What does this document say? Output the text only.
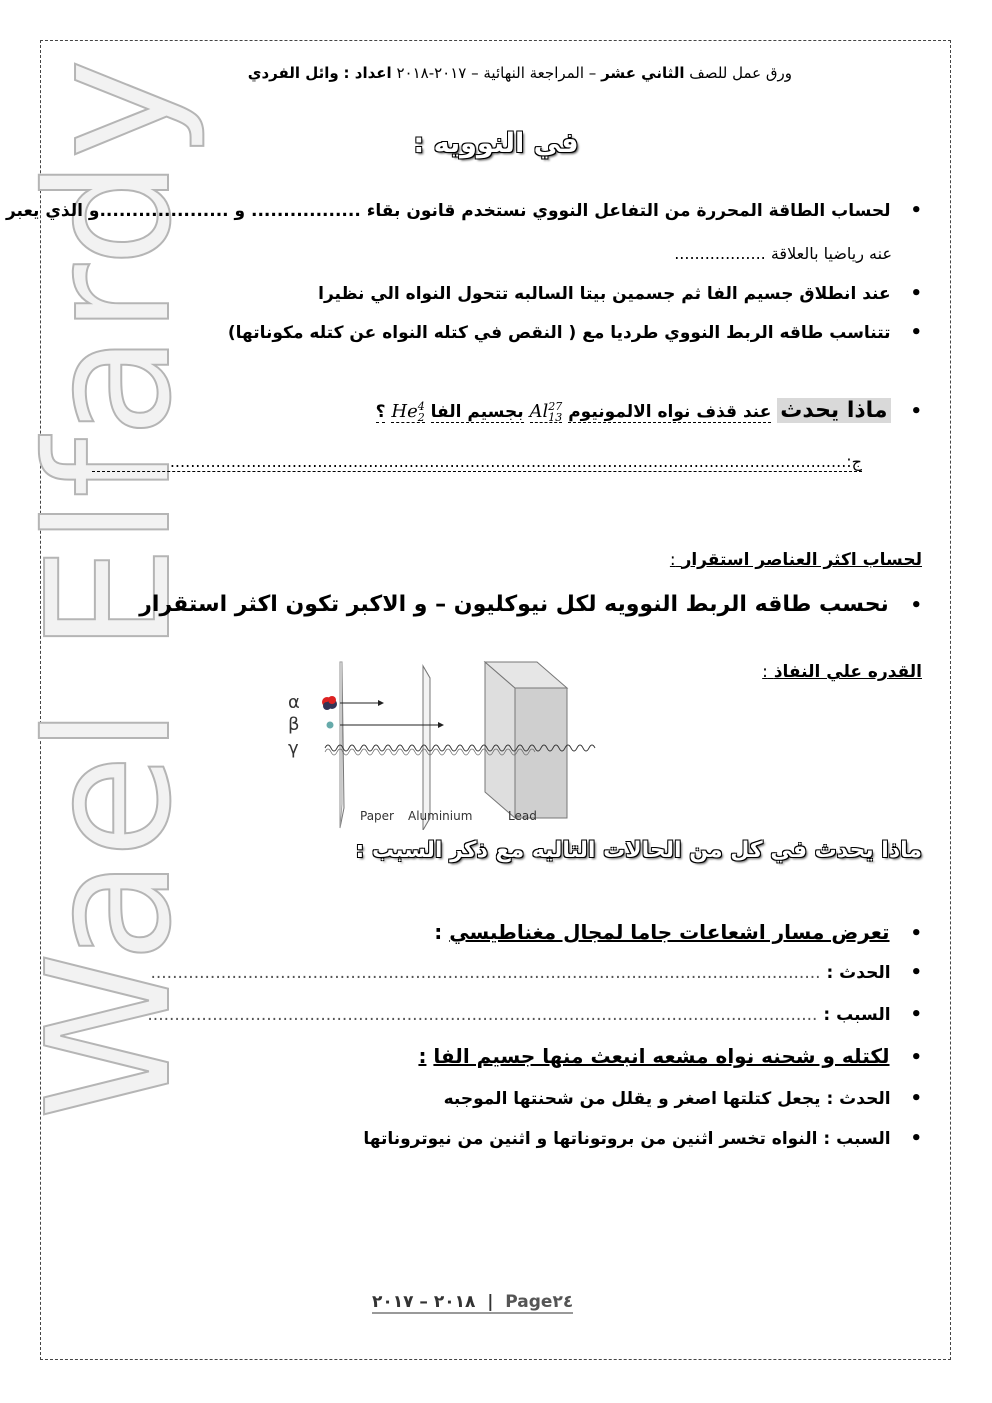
Wael Elfardy	ورق عمل للصف الثاني عشر – المراجعة النهائية – ٢٠١٧-٢٠١٨ اعداد : وائل الفردي
في النوويه :
• لحساب الطاقة المحررة من التفاعل النووي نستخدم قانون بقاء ................. و ....................و الذي يعبر
عنه رياضيا بالعلاقة ..................
• عند انطلاق جسيم الفا ثم جسمين بيتا السالبه تتحول النواه الي نظيرا
• تتناسب طاقه الربط النووي طرديا مع ( النقص في كتله النواه عن كتله مكوناتها)
• ماذا يحدث عند قذف نواه الالمونيوم Al 27
13
بجسيم الفا He 4
2
؟
ج:.....................................................................................................................................
لحساب اكثر العناصر استقرار :
• نحسب طاقه الربط النوويه لكل نيوكليون – و الاكبر تكون اكثر استقرار
القدره علي النفاذ :
α
β
γ
Paper Aluminium	Lead
ماذا يحدث في كل من الحالات التاليه مع ذكر السبب :
• تعرض مسار اشعاعات جاما لمجال مغناطيسي :
• الحدث : ............................................................................................................................
• السبب : ............................................................................................................................
• لكتله و شحنه نواه مشعه انبعث منها جسيم الفا :
• الحدث : يجعل كتلتها اصغر و يقلل من شحنتها الموجبه
• السبب : النواه تخسر اثنين من بروتوناتها و اثنين من نيوتروناتها
٢٠١٨ – ٢٠١٧ | Page٢٤
